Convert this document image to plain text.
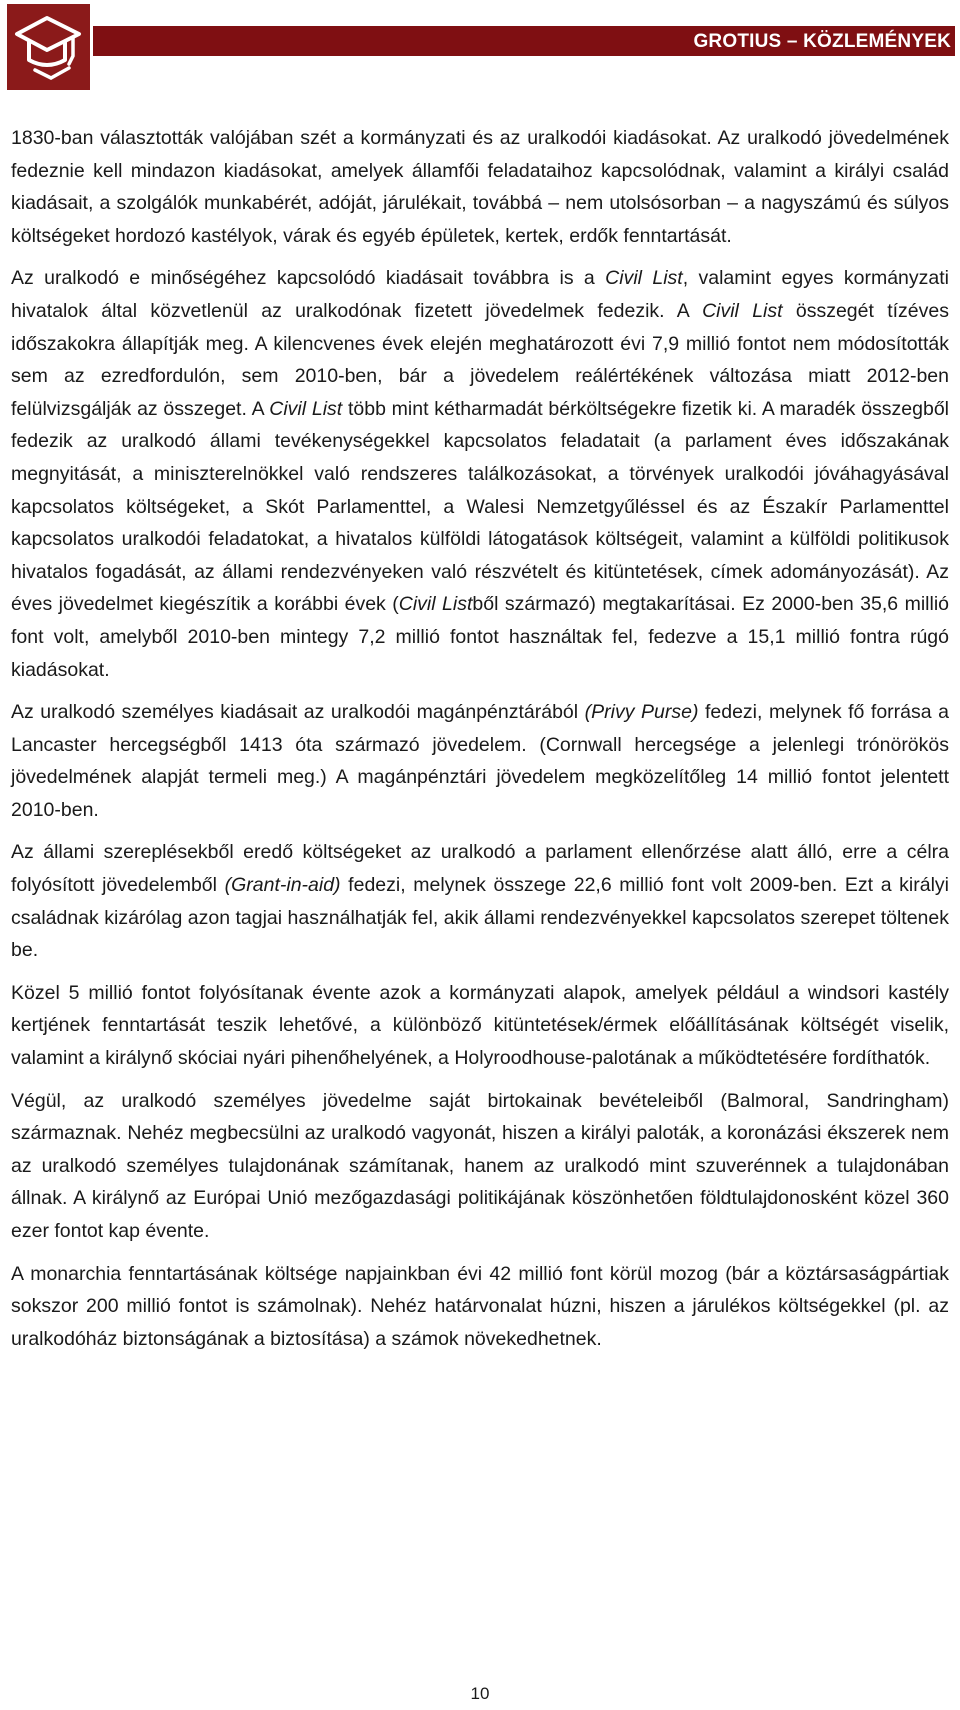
GROTIUS – KÖZLEMÉNYEK

1830-ban választották valójában szét a kormányzati és az uralkodói kiadásokat. Az uralkodó jövedelmének fedeznie kell mindazon kiadásokat, amelyek államfői feladataihoz kapcsolódnak, valamint a királyi család kiadásait, a szolgálók munkabérét, adóját, járulékait, továbbá – nem utolsósorban – a nagyszámú és súlyos költségeket hordozó kastélyok, várak és egyéb épületek, kertek, erdők fenntartását.

Az uralkodó e minőségéhez kapcsolódó kiadásait továbbra is a Civil List, valamint egyes kormányzati hivatalok által közvetlenül az uralkodónak fizetett jövedelmek fedezik. A Civil List összegét tízéves időszakokra állapítják meg. A kilencvenes évek elején meghatározott évi 7,9 millió fontot nem módosították sem az ezredfordulón, sem 2010-ben, bár a jövedelem reálértékének változása miatt 2012-ben felülvizsgálják az összeget. A Civil List több mint kétharmadát bérköltségekre fizetik ki. A maradék összegből fedezik az uralkodó állami tevékenységekkel kapcsolatos feladatait (a parlament éves időszakának megnyitását, a miniszterelnökkel való rendszeres találkozásokat, a törvények uralkodói jóváhagyásával kapcsolatos költségeket, a Skót Parlamenttel, a Walesi Nemzetgyűléssel és az Északír Parlamenttel kapcsolatos uralkodói feladatokat, a hivatalos külföldi látogatások költségeit, valamint a külföldi politikusok hivatalos fogadását, az állami rendezvényeken való részvételt és kitüntetések, címek adományozását). Az éves jövedelmet kiegészítik a korábbi évek (Civil Listből származó) megtakarításai. Ez 2000-ben 35,6 millió font volt, amelyből 2010-ben mintegy 7,2 millió fontot használtak fel, fedezve a 15,1 millió fontra rúgó kiadásokat.

Az uralkodó személyes kiadásait az uralkodói magánpénztárából (Privy Purse) fedezi, melynek fő forrása a Lancaster hercegségből 1413 óta származó jövedelem. (Cornwall hercegsége a jelenlegi trónörökös jövedelmének alapját termeli meg.) A magánpénztári jövedelem megközelítőleg 14 millió fontot jelentett 2010-ben.

Az állami szereplésekből eredő költségeket az uralkodó a parlament ellenőrzése alatt álló, erre a célra folyósított jövedelemből (Grant-in-aid) fedezi, melynek összege 22,6 millió font volt 2009-ben. Ezt a királyi családnak kizárólag azon tagjai használhatják fel, akik állami rendezvényekkel kapcsolatos szerepet töltenek be.

Közel 5 millió fontot folyósítanak évente azok a kormányzati alapok, amelyek például a windsori kastély kertjének fenntartását teszik lehetővé, a különböző kitüntetések/érmek előállításának költségét viselik, valamint a királynő skóciai nyári pihenőhelyének, a Holyroodhouse-palotának a működtetésére fordíthatók.

Végül, az uralkodó személyes jövedelme saját birtokainak bevételeiből (Balmoral, Sandringham) származnak. Nehéz megbecsülni az uralkodó vagyonát, hiszen a királyi paloták, a koronázási ékszerek nem az uralkodó személyes tulajdonának számítanak, hanem az uralkodó mint szuverénnek a tulajdonában állnak. A királynő az Európai Unió mezőgazdasági politikájának köszönhetően földtulajdonosként közel 360 ezer fontot kap évente.

A monarchia fenntartásának költsége napjainkban évi 42 millió font körül mozog (bár a köztársaságpártiak sokszor 200 millió fontot is számolnak). Nehéz határvonalat húzni, hiszen a járulékos költségekkel (pl. az uralkodóház biztonságának a biztosítása) a számok növekedhetnek.

10
